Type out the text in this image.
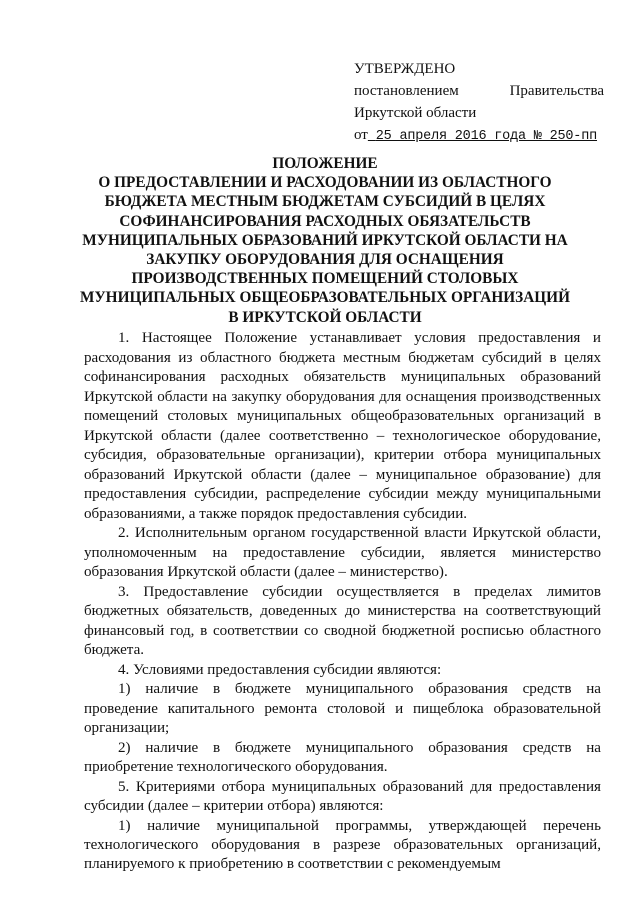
УТВЕРЖДЕНО
постановлением	Правительства
Иркутской области
от 25 апреля 2016 года № 250-пп
ПОЛОЖЕНИЕ
О ПРЕДОСТАВЛЕНИИ И РАСХОДОВАНИИ ИЗ ОБЛАСТНОГО БЮДЖЕТА МЕСТНЫМ БЮДЖЕТАМ СУБСИДИЙ В ЦЕЛЯХ СОФИНАНСИРОВАНИЯ РАСХОДНЫХ ОБЯЗАТЕЛЬСТВ МУНИЦИПАЛЬНЫХ ОБРАЗОВАНИЙ ИРКУТСКОЙ ОБЛАСТИ НА ЗАКУПКУ ОБОРУДОВАНИЯ ДЛЯ ОСНАЩЕНИЯ ПРОИЗВОДСТВЕННЫХ ПОМЕЩЕНИЙ СТОЛОВЫХ МУНИЦИПАЛЬНЫХ ОБЩЕОБРАЗОВАТЕЛЬНЫХ ОРГАНИЗАЦИЙ В ИРКУТСКОЙ ОБЛАСТИ

1. Настоящее Положение устанавливает условия предоставления и расходования из областного бюджета местным бюджетам субсидий в целях софинансирования расходных обязательств муниципальных образований Иркутской области на закупку оборудования для оснащения производственных помещений столовых муниципальных общеобразовательных организаций в Иркутской области (далее соответственно – технологическое оборудование, субсидия, образовательные организации), критерии отбора муниципальных образований Иркутской области (далее – муниципальное образование) для предоставления субсидии, распределение субсидии между муниципальными образованиями, а также порядок предоставления субсидии.

2. Исполнительным органом государственной власти Иркутской области, уполномоченным на предоставление субсидии, является министерство образования Иркутской области (далее – министерство).

3. Предоставление субсидии осуществляется в пределах лимитов бюджетных обязательств, доведенных до министерства на соответствующий финансовый год, в соответствии со сводной бюджетной росписью областного бюджета.

4. Условиями предоставления субсидии являются:

1) наличие в бюджете муниципального образования средств на проведение капитального ремонта столовой и пищеблока образовательной организации;

2) наличие в бюджете муниципального образования средств на приобретение технологического оборудования.

5. Критериями отбора муниципальных образований для предоставления субсидии (далее – критерии отбора) являются:

1) наличие муниципальной программы, утверждающей перечень технологического оборудования в разрезе образовательных организаций, планируемого к приобретению в соответствии с рекомендуемым
